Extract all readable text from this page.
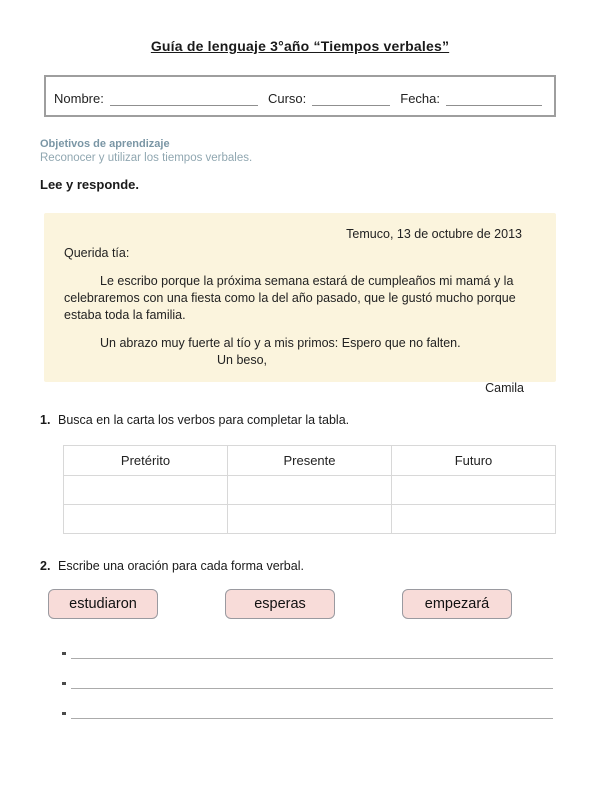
Guía de lenguaje 3°año “Tiempos verbales”
Nombre:	Curso:	Fecha:
Objetivos de aprendizaje
Reconocer y utilizar los tiempos verbales.
Lee y responde.
Temuco, 13 de octubre de 2013
Querida tía:
Le escribo porque la próxima semana estará de cumpleaños mi mamá y la celebraremos con una fiesta como la del año pasado, que le gustó mucho porque estaba toda la familia.
Un abrazo muy fuerte al tío y a mis primos: Espero que no falten.
Un beso,
Camila
1. Busca en la carta los verbos para completar la tabla.
Pretérito	Presente	Futuro

2. Escribe una oración para cada forma verbal.
estudiaron	esperas	empezará
